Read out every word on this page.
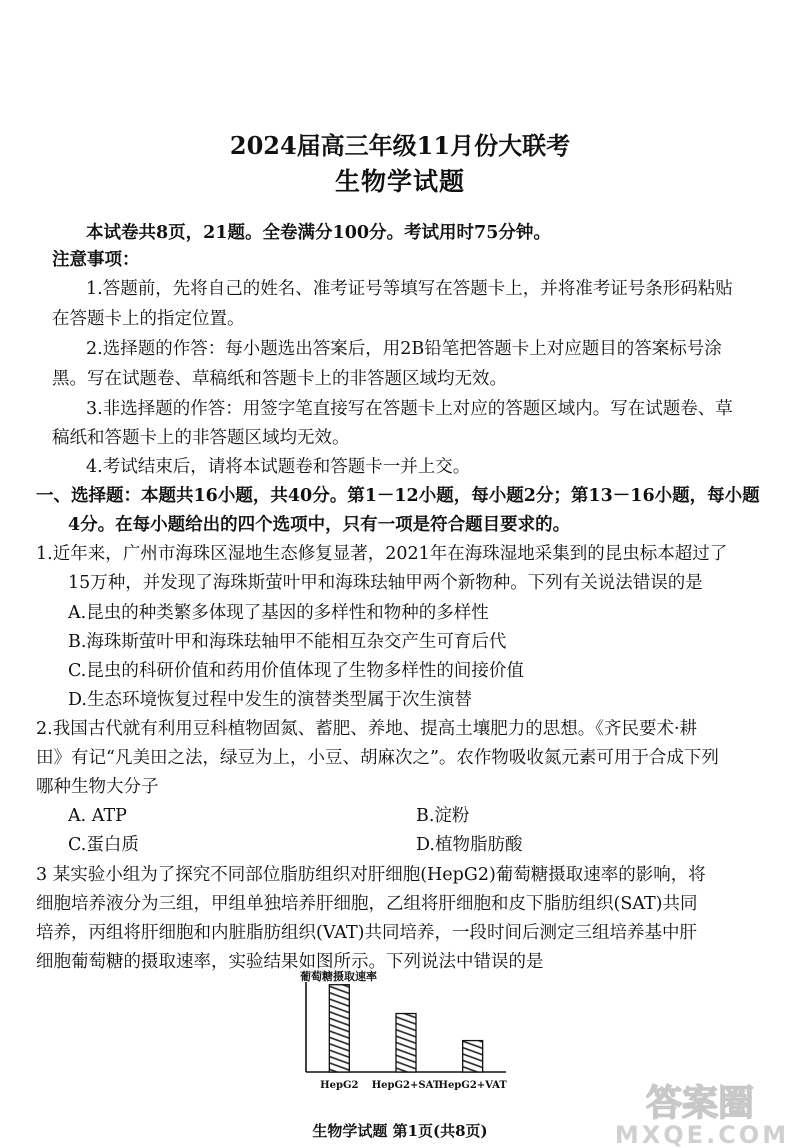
2024届高三年级11月份大联考
生物学试题
本试卷共8页，21题。全卷满分100分。考试用时75分钟。
注意事项：
1.答题前，先将自己的姓名、准考证号等填写在答题卡上，并将准考证号条形码粘贴
在答题卡上的指定位置。
2.选择题的作答：每小题选出答案后，用2B铅笔把答题卡上对应题目的答案标号涂
黑。写在试题卷、草稿纸和答题卡上的非答题区域均无效。
3.非选择题的作答：用签字笔直接写在答题卡上对应的答题区域内。写在试题卷、草
稿纸和答题卡上的非答题区域均无效。
4.考试结束后，请将本试题卷和答题卡一并上交。
一、选择题：本题共16小题，共40分。第1－12小题，每小题2分；第13－16小题，每小题
4分。在每小题给出的四个选项中，只有一项是符合题目要求的。
1.近年来，广州市海珠区湿地生态修复显著，2021年在海珠湿地采集到的昆虫标本超过了
15万种，并发现了海珠斯萤叶甲和海珠珐轴甲两个新物种。下列有关说法错误的是
A.昆虫的种类繁多体现了基因的多样性和物种的多样性
B.海珠斯萤叶甲和海珠珐轴甲不能相互杂交产生可育后代
C.昆虫的科研价值和药用价值体现了生物多样性的间接价值
D.生态环境恢复过程中发生的演替类型属于次生演替
2.我国古代就有利用豆科植物固氮、蓄肥、养地、提高土壤肥力的思想。《齐民要术·耕
田》有记“凡美田之法，绿豆为上，小豆、胡麻次之”。农作物吸收氮元素可用于合成下列
哪种生物大分子
A. ATP	B.淀粉
C.蛋白质	D.植物脂肪酸
3 某实验小组为了探究不同部位脂肪组织对肝细胞(HepG2)葡萄糖摄取速率的影响，将
细胞培养液分为三组，甲组单独培养肝细胞，乙组将肝细胞和皮下脂肪组织(SAT)共同
培养，丙组将肝细胞和内脏脂肪组织(VAT)共同培养，一段时间后测定三组培养基中肝
细胞葡萄糖的摄取速率，实验结果如图所示。下列说法中错误的是
葡萄糖摄取速率
HepG2 HepG2+SAT
HepG2+VAT
生物学试题 第1页(共8页)
答案圈
MXQE.COM
